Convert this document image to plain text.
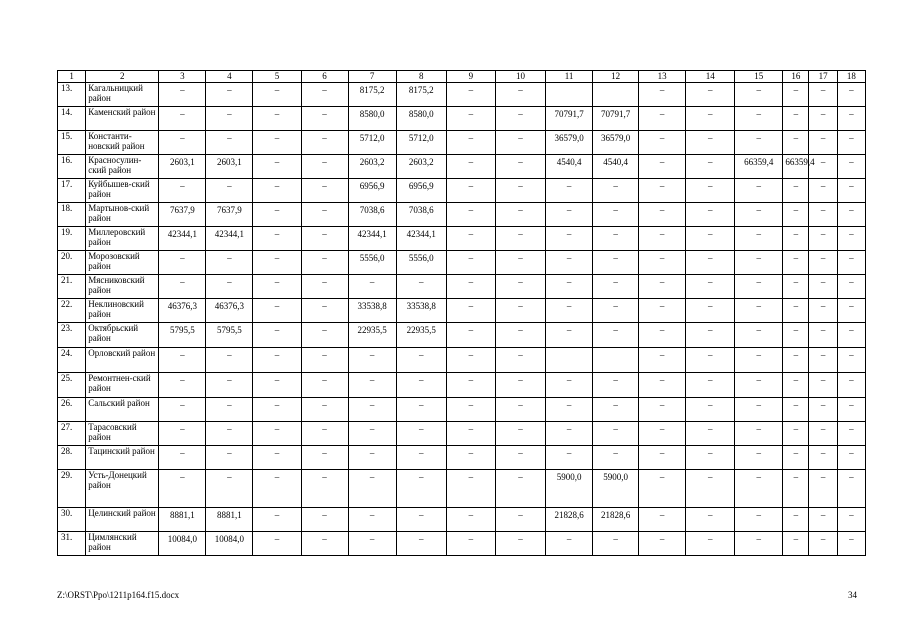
1	2	3	4	5	6	7	8	9	10	11	12	13	14	15	16	17	18
13.	Кагальницкий район	–	–	–	–	8175,2	8175,2	–	–			–	–	–	–	–	–
14.	Каменский район	–	–	–	–	8580,0	8580,0	–	–	70791,7	70791,7	–	–	–	–	–	–
15.	Константи-новский район	–	–	–	–	5712,0	5712,0	–	–	36579,0	36579,0	–	–	–	–	–	–
16.	Красносулин-ский район	2603,1	2603,1	–	–	2603,2	2603,2	–	–	4540,4	4540,4	–	–	66359,4	66359,4	–	–
17.	Куйбышев-ский район	–	–	–	–	6956,9	6956,9	–	–	–	–	–	–	–	–	–	–
18.	Мартынов-ский район	7637,9	7637,9	–	–	7038,6	7038,6	–	–	–	–	–	–	–	–	–	–
19.	Миллеровский район	42344,1	42344,1	–	–	42344,1	42344,1	–	–	–	–	–	–	–	–	–	–
20.	Морозовский район	–	–	–	–	5556,0	5556,0	–	–	–	–	–	–	–	–	–	–
21.	Мясниковский район	–	–	–	–	–	–	–	–	–	–	–	–	–	–	–	–
22.	Неклиновский район	46376,3	46376,3	–	–	33538,8	33538,8	–	–	–	–	–	–	–	–	–	–
23.	Октябрьский район	5795,5	5795,5	–	–	22935,5	22935,5	–	–	–	–	–	–	–	–	–	–
24.	Орловский район	–	–	–	–	–	–	–	–			–	–	–	–	–	–
25.	Ремонтнен-ский район	–	–	–	–	–	–	–	–	–	–	–	–	–	–	–	–
26.	Сальский район	–	–	–	–	–	–	–	–	–	–	–	–	–	–	–	–
27.	Тарасовский район	–	–	–	–	–	–	–	–	–	–	–	–	–	–	–	–
28.	Тацинский район	–	–	–	–	–	–	–	–	–	–	–	–	–	–	–	–
29.	Усть-Донецкий район	–	–	–	–	–	–	–	–	5900,0	5900,0	–	–	–	–	–	–
30.	Целинский район	8881,1	8881,1	–	–	–	–	–	–	21828,6	21828,6	–	–	–	–	–	–
31.	Цимлянский район	10084,0	10084,0	–	–	–	–	–	–	–	–	–	–	–	–	–	–
Z:\ORST\Ppo\1211p164.f15.docx	34
